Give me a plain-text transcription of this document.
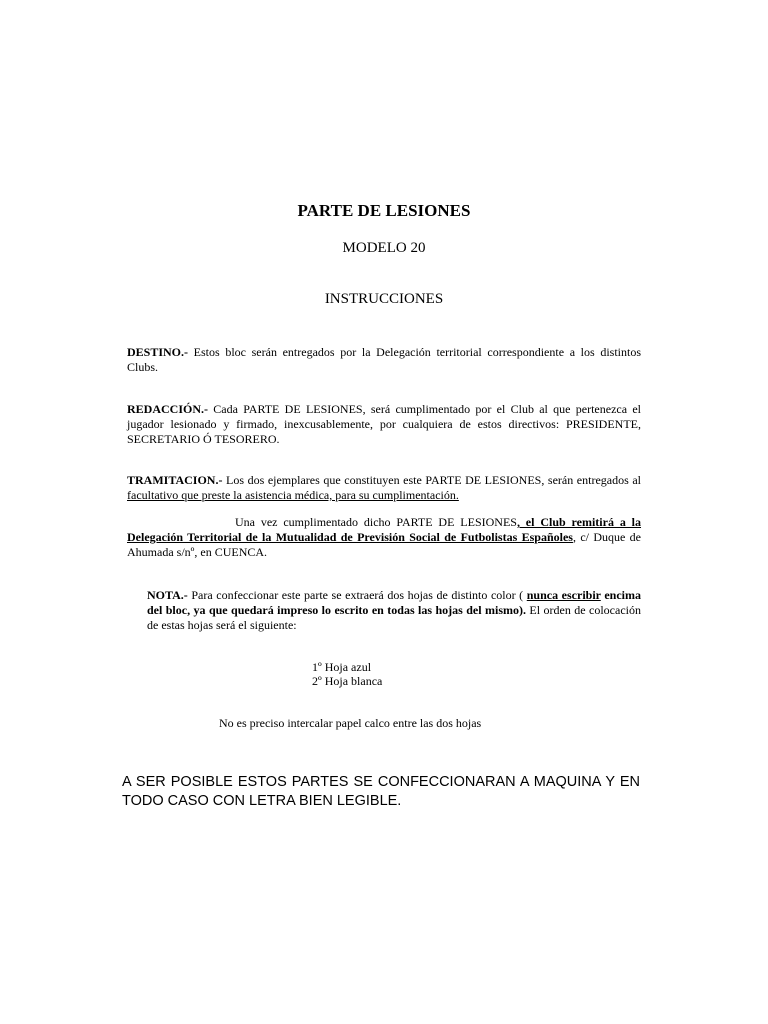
PARTE DE LESIONES
MODELO 20
INSTRUCCIONES
DESTINO.- Estos bloc serán entregados por la Delegación territorial correspondiente a los distintos Clubs.
REDACCIÓN.- Cada PARTE DE LESIONES, será cumplimentado por el Club al que pertenezca el jugador lesionado y firmado, inexcusablemente, por cualquiera de estos directivos: PRESIDENTE, SECRETARIO Ó TESORERO.
TRAMITACION.- Los dos ejemplares que constituyen este PARTE DE LESIONES, serán entregados al facultativo que preste la asistencia médica, para su cumplimentación.
Una vez cumplimentado dicho PARTE DE LESIONES, el Club remitirá a la Delegación Territorial de la Mutualidad de Previsión Social de Futbolistas Españoles, c/ Duque de Ahumada s/nº, en CUENCA.
NOTA.- Para confeccionar este parte se extraerá dos hojas de distinto color ( nunca escribir encima del bloc, ya que quedará impreso lo escrito en todas las hojas del mismo). El orden de colocación de estas hojas será el siguiente:
1º Hoja azul
2º Hoja blanca
No es preciso intercalar papel calco entre las dos hojas
A SER POSIBLE ESTOS PARTES SE CONFECCIONARAN A MAQUINA Y EN TODO CASO CON LETRA BIEN LEGIBLE.
